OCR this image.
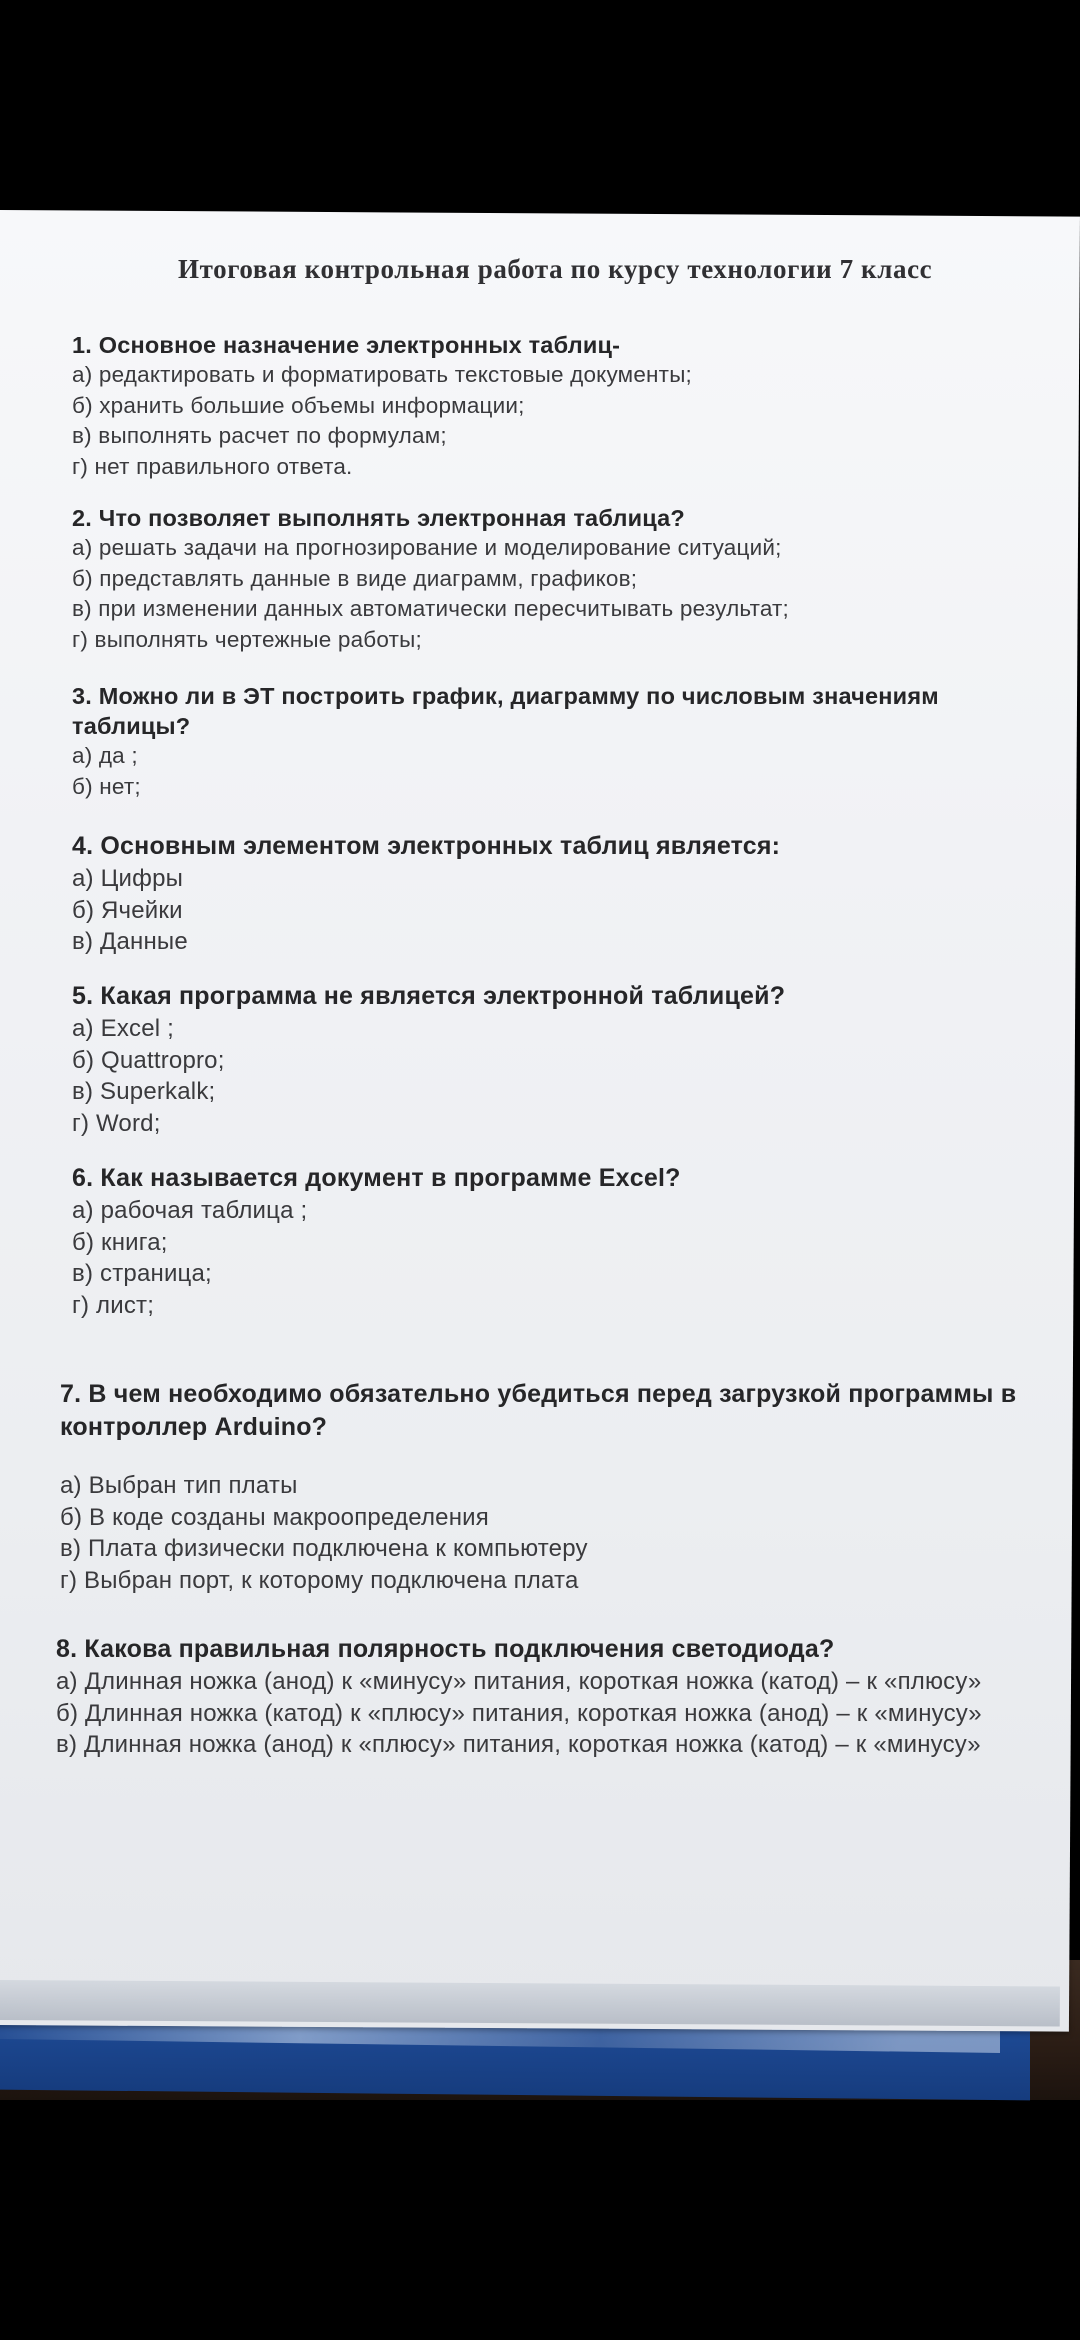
Итоговая контрольная работа по курсу технологии 7 класс

1. Основное назначение электронных таблиц-

а) редактировать и форматировать текстовые документы;
б) хранить большие объемы информации;
в) выполнять расчет по формулам;
г) нет правильного ответа.

2. Что позволяет выполнять электронная таблица?

а) решать задачи на прогнозирование и моделирование ситуаций;
б) представлять данные в виде диаграмм, графиков;
в) при изменении данных автоматически пересчитывать результат;
г) выполнять чертежные работы;

3. Можно ли в ЭТ построить график, диаграмму по числовым значениям
таблицы?

а) да ;
б) нет;

4. Основным элементом электронных таблиц является:

а) Цифры
б) Ячейки
в) Данные

5. Какая программа не является электронной таблицей?

а) Excel ;
б) Quattropro;
в) Superkalk;
г) Word;

6. Как называется документ в программе Excel?

а) рабочая таблица ;
б) книга;
в) страница;
г) лист;

7. В чем необходимо обязательно убедиться перед загрузкой программы в
контроллер Arduino?

а) Выбран тип платы
б) В коде созданы макроопределения
в) Плата физически подключена к компьютеру
г) Выбран порт, к которому подключена плата

8. Какова правильная полярность подключения светодиода?

а) Длинная ножка (анод) к «минусу» питания, короткая ножка (катод) – к «плюсу»
б) Длинная ножка (катод) к «плюсу» питания, короткая ножка (анод) – к «минусу»
в) Длинная ножка (анод) к «плюсу» питания, короткая ножка (катод) – к «минусу»
